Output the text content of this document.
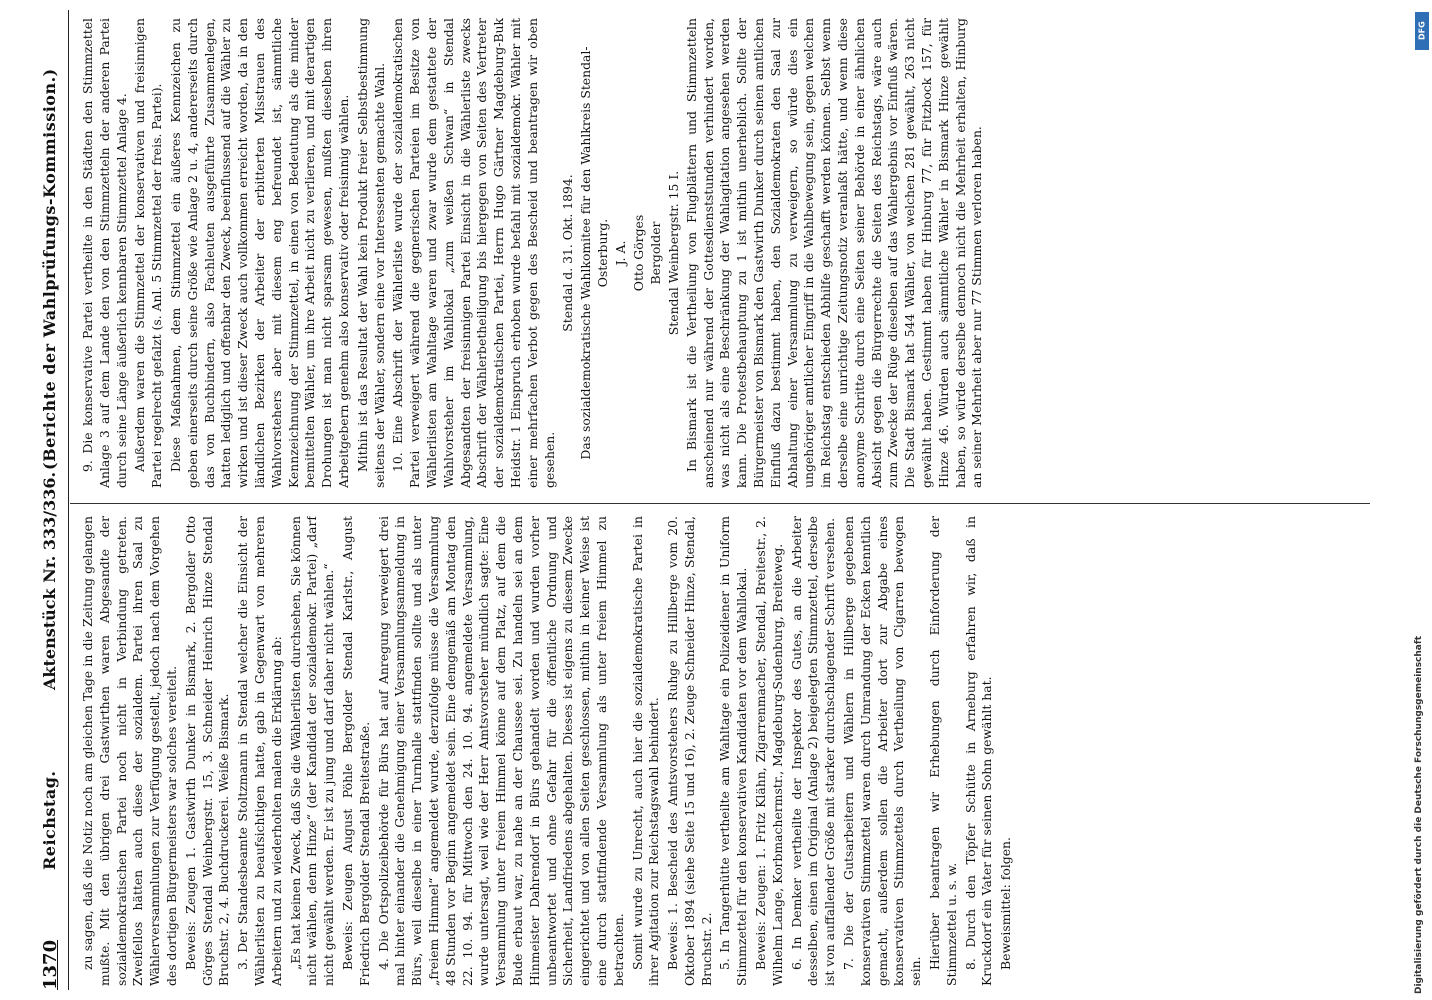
1370
Reichstag.
Aktenstück Nr. 333/336.
(Berichte der Wahlprüfungs-Kommission.)

zu sagen, daß die Notiz noch am gleichen Tage in die Zeitung gelangen mußte. Mit den übrigen drei Gastwirthen waren Abgesandte der sozialdemokratischen Partei noch nicht in Verbindung getreten. Zweifellos hätten auch diese der sozialdem. Partei ihren Saal zu Wählerversammlungen zur Verfügung gestellt, jedoch nach dem Vorgehen des dortigen Bürgermeisters war solches vereitelt. Beweis: Zeugen 1. Gastwirth Dunker in Bismark, 2. Bergolder Otto Görges Stendal Weinbergstr. 15, 3. Schneider Heinrich Hinze Stendal Bruchstr. 2, 4. Buchdruckerei. Weiße Bismark. 3. Der Standesbeamte Stoltzmann in Stendal welcher die Einsicht der Wählerlisten zu beaufsichtigen hatte, gab in Gegenwart von mehreren Arbeitern und zu wiederholten malen die Erklärung ab: „Es hat keinen Zweck, daß Sie die Wählerlisten durchsehen, Sie können nicht wählen, denn Hinze“ (der Kandidat der sozialdemokr. Partei) „darf nicht gewählt werden. Er ist zu jung und darf daher nicht wählen.“ Beweis: Zeugen August Pöhle Bergolder Stendal Karlstr., August Friedrich Bergolder Stendal Breitestraße. 4. Die Ortspolizeibehörde für Bürs hat auf Anregung verweigert drei mal hinter einander die Genehmigung einer Versammlungsanmeldung in Bürs, weil dieselbe in einer Turnhalle stattfinden sollte und als unter „freiem Himmel“ angemeldet wurde, derzufolge müsse die Versammlung 48 Stunden vor Beginn angemeldet sein. Eine demgemäß am Montag den 22. 10. 94. für Mittwoch den 24. 10. 94. angemeldete Versammlung, wurde untersagt, weil wie der Herr Amtsvorsteher mündlich sagte: Eine Versammlung unter freiem Himmel könne auf dem Platz, auf dem die Bude erbaut war, zu nahe an der Chaussee sei. Zu handeln sei an dem Hinmeister Dahrendorf in Bürs gehandelt worden und wurden vorher unbeantwortet und ohne Gefahr für die öffentliche Ordnung und Sicherheit, Landfriedens abgehalten. Dieses ist eigens zu diesem Zwecke eingerichtet und von allen Seiten geschlossen, mithin in keiner Weise ist eine durch stattfindende Versammlung als unter freiem Himmel zu betrachten. Somit wurde zu Unrecht, auch hier die sozialdemokratische Partei in ihrer Agitation zur Reichstagswahl behindert. Beweis: 1. Bescheid des Amtsvorstehers Ruhge zu Hillberge vom 20. Oktober 1894 (siehe Seite 15 und 16), 2. Zeuge Schneider Hinze, Stendal, Bruchstr. 2. 5. In Tangerhütte vertheilte am Wahltage ein Polizeidiener in Uniform Stimmzettel für den konservativen Kandidaten vor dem Wahllokal. Beweis: Zeugen: 1. Fritz Klähn, Zigarrenmacher, Stendal, Breitestr., 2. Wilhelm Lange, Korbmachermstr., Magdeburg-Sudenburg, Breiteweg. 6. In Demker vertheilte der Inspektor des Gutes, an die Arbeiter desselben, einen im Original (Anlage 2) beigelegten Stimmzettel, derselbe ist von auffallender Größe mit starker durchschlagender Schrift versehen. 7. Die der Gutsarbeitern und Wählern in Hillberge gegebenen konservativen Stimmzettel waren durch Umrandung der Ecken kenntlich gemacht, außerdem sollen die Arbeiter dort zur Abgabe eines konservativen Stimmzettels durch Vertheilung von Cigarren bewogen sein.

Hierüber beantragen wir Erhebungen durch Einforderung der Stimmzettel u. s. w. 8. Durch den Töpfer Schütte in Arneburg erfahren wir, daß in Kruckdorf ein Vater für seinen Sohn gewählt hat. Beweismittel: folgen.

9. Die konservative Partei vertheilte in den Städten den Stimmzettel Anlage 3 auf dem Lande den von den Stimmzetteln der anderen Partei durch seine Länge äußerlich kennbaren Stimmzettel Anlage 4. Außerdem waren die Stimmzettel der konservativen und freisinnigen Partei regelrecht gefalzt (s. Anl. 5 Stimmzettel der freis. Partei). Diese Maßnahmen, dem Stimmzettel ein äußeres Kennzeichen zu geben einerseits durch seine Größe wie Anlage 2 u. 4, andererseits durch das von Buchbindern, also Fachleuten ausgeführte Zusammenlegen, hatten lediglich und offenbar den Zweck, beeinflussend auf die Wähler zu wirken und ist dieser Zweck auch vollkommen erreicht worden, da in den ländlichen Bezirken der Arbeiter der erbitterten Misstrauen des Wahlvorstehers aber mit diesem eng befreundet ist, sämmtliche Kennzeichnung der Stimmzettel, in einen von Bedeutung als die minder bemittelten Wähler, um ihre Arbeit nicht zu verlieren, und mit derartigen Drohungen ist man nicht sparsam gewesen, mußten dieselben ihren Arbeitgebern genehm also konservativ oder freisinnig wählen. Mithin ist das Resultat der Wahl kein Produkt freier Selbstbestimmung seitens der Wähler, sondern eine vor Interessenten gemachte Wahl. 10. Eine Abschrift der Wählerliste wurde der sozialdemokratischen Partei verweigert während die gegnerischen Parteien im Besitze von Wählerlisten am Wahltage waren und zwar wurde dem gestattete der Wahlvorsteher im Wahllokal „zum weißen Schwan“ in Stendal Abgesandten der freisinnigen Partei Einsicht in die Wählerliste zwecks Abschrift der Wählerbetheiligung bis hiergegen von Seiten des Vertreter der sozialdemokratischen Partei, Herrn Hugo Gärtner Magdeburg-Buk Heidstr. 1 Einspruch erhoben wurde befahl mit sozialdemokr. Wähler mit einer mehrfachen Verbot gegen des Bescheid und beantragen wir oben gesehen.

Stendal d. 31. Okt. 1894. Das sozialdemokratische Wahlkomitee für den Wahlkreis Stendal-Osterburg. J. A. Otto Görges Bergolder Stendal Weinbergstr. 15 I. In Bismark ist die Vertheilung von Flugblättern und Stimmzetteln anscheinend nur während der Gottesdienststunden verhindert worden, was nicht als eine Beschränkung der Wahlagitation angesehen werden kann. Die Protestbehauptung zu 1 ist mithin unerheblich. Sollte der Bürgermeister von Bismark den Gastwirth Dunker durch seinen amtlichen Einfluß dazu bestimmt haben, den Sozialdemokraten den Saal zur Abhaltung einer Versammlung zu verweigern, so würde dies ein ungehöriger amtlicher Eingriff in die Wahlbewegung sein, gegen welchen im Reichstag entschieden Abhilfe geschafft werden können. Selbst wenn derselbe eine unrichtige Zeitungsnotiz veranlaßt hätte, und wenn diese anonyme Schritte durch eine Seiten seiner Behörde in einer ähnlichen Absicht gegen die Bürgerrechte die Seiten des Reichstags, wäre auch zum Zwecke der Rüge dieselben auf das Wahlergebnis vor Einfluß wären. Die Stadt Bismark hat 544 Wähler, von welchen 281 gewählt, 263 nicht gewählt haben. Gestimmt haben für Hinburg 77, für Fitzbock 157, für Hinze 46. Würden auch sämmtliche Wähler in Bismark Hinze gewählt haben, so würde derselbe dennoch nicht die Mehrheit erhalten, Hinburg an seiner Mehrheit aber nur 77 Stimmen verloren haben.

DFG
Digitalisierung gefördert durch die Deutsche Forschungsgemeinschaft
